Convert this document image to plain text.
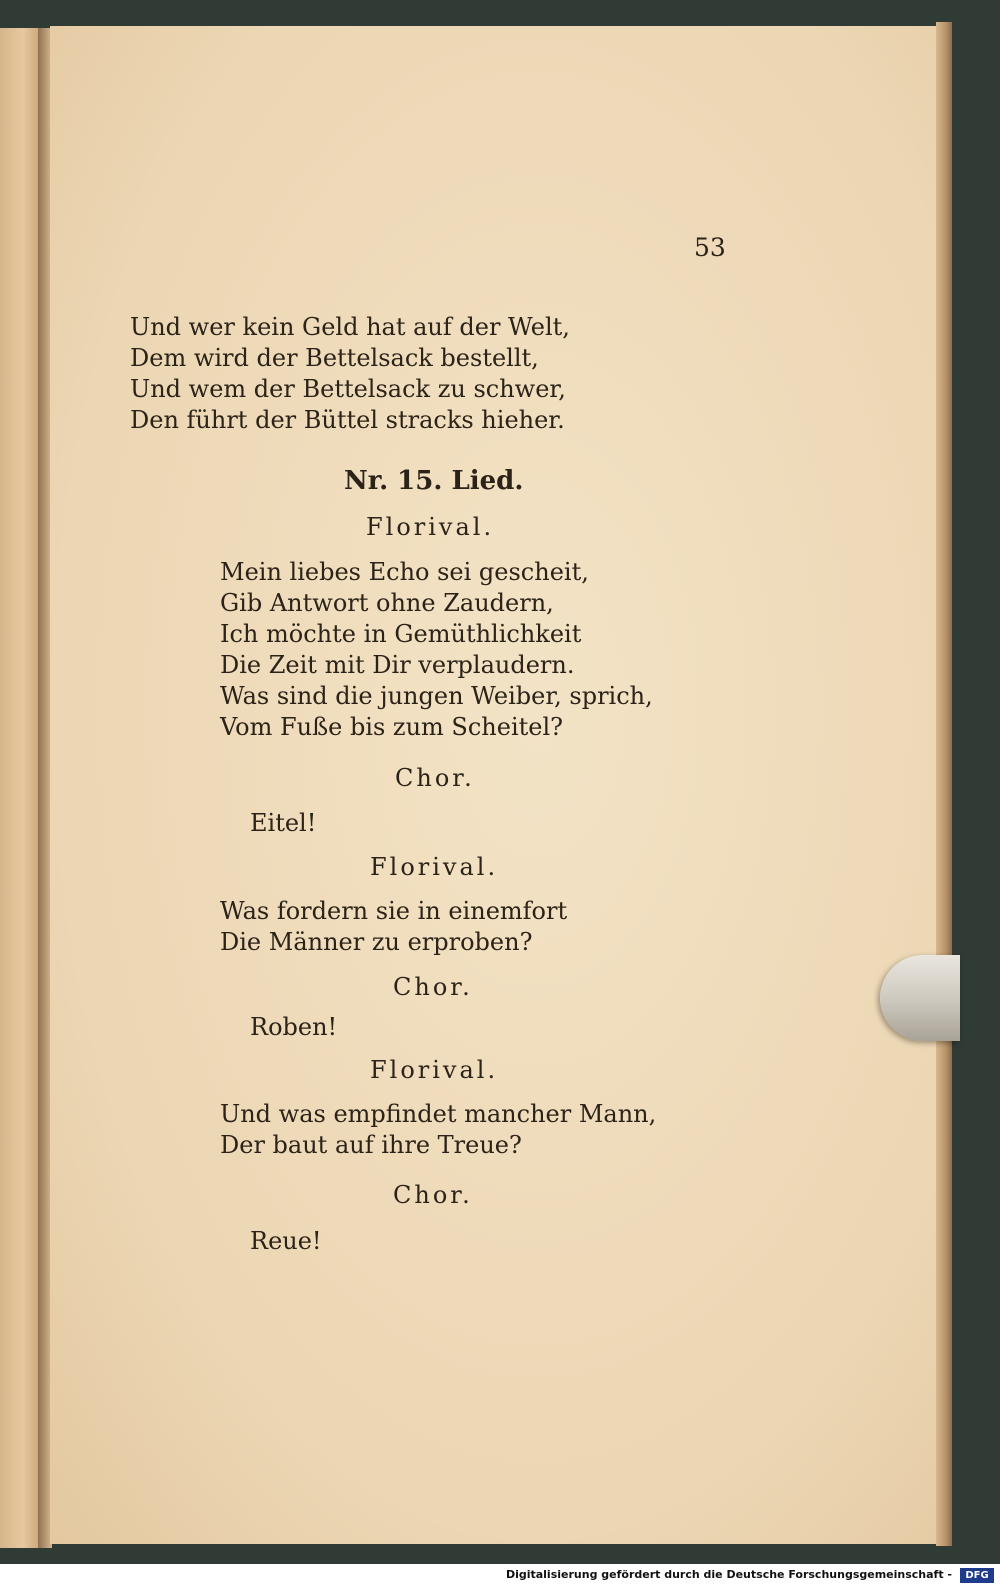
53
Und wer kein Geld hat auf der Welt,
Dem wird der Bettelsack bestellt,
Und wem der Bettelsack zu schwer,
Den führt der Büttel stracks hieher.
Nr. 15. Lied.
Florival.
Mein liebes Echo sei gescheit,
Gib Antwort ohne Zaudern,
Ich möchte in Gemüthlichkeit
Die Zeit mit Dir verplaudern.
Was sind die jungen Weiber, sprich,
Vom Fuße bis zum Scheitel?
Chor.
Eitel!
Florival.
Was fordern sie in einemfort
Die Männer zu erproben?
Chor.
Roben!
Florival.
Und was empfindet mancher Mann,
Der baut auf ihre Treue?
Chor.
Reue!
Digitalisierung gefördert durch die Deutsche Forschungsgemeinschaft -	DFG
